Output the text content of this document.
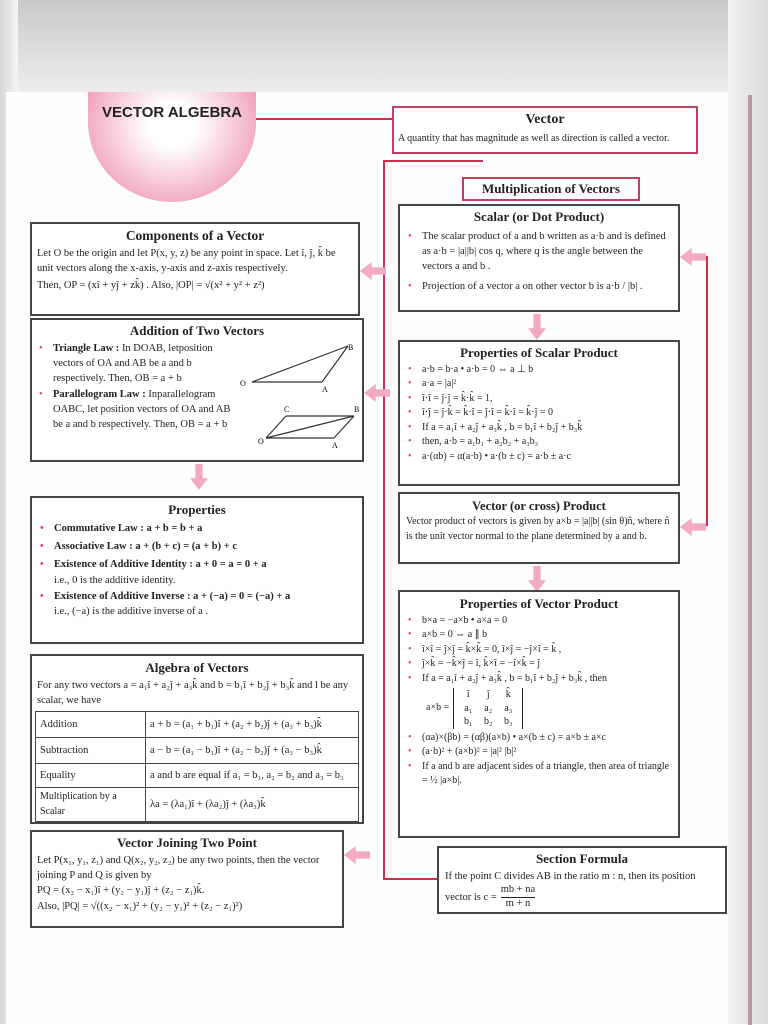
VECTOR ALGEBRA	Vector
A quantity that has magnitude as well as direction is called a vector.
Multiplication of Vectors
Scalar (or Dot Product)
• The scalar product of a and b written as a·b and is defined as a·b = |a||b| cos q, where q is the angle between the vectors a and b .
• Projection of a vector a on other vector b is a·b / |b| .
Components of a Vector
Let O be the origin and let P(x, y, z) be any point in space. Let î, ĵ, k̂ be unit vectors along the x-axis, y-axis and z-axis respectively.
Then, OP = (xî + yĵ + zk̂) . Also, |OP| = √(x² + y² + z²)
Addition of Two Vectors
• Triangle Law : In DOAB, letposition vectors of OA and AB be a and b respectively. Then, OB = a + b
• Parallelogram Law : Inparallelogram OABC, let position vectors of OA and AB be a and b respectively. Then, OB = a + b
O
A
B
O	A
C	B
Properties of Scalar Product
• a·b = b·a • a·b = 0 ⇔ a ⊥ b
• a·a = |a|²
• î·î = ĵ·ĵ = k̂·k̂ = 1,
• î·ĵ = ĵ·k̂ = k̂·î = ĵ·î = k̂·î = k̂·ĵ = 0
• If a = a₁î + a₂ĵ + a₃k̂ , b = b₁î + b₂ĵ + b₃k̂
• then, a·b = a₁b₁ + a₂b₂ + a₃b₃
• a·(αb) = α(a·b) • a·(b ± c) = a·b ± a·c
Properties
• Commutative Law : a + b = b + a
• Associative Law : a + (b + c) = (a + b) + c
• Existence of Additive Identity : a + 0 = a = 0 + a
i.e., 0 is the additive identity.
• Existence of Additive Inverse : a + (−a) = 0 = (−a) + a
i.e., (−a) is the additive inverse of a .
Vector (or cross) Product
Vector product of vectors is given by a×b = |a||b| (sin θ)n̂, where n̂ is the unit vector normal to the plane determined by a and b.
Algebra of Vectors
For any two vectors a = a₁î + a₂ĵ + a₃k̂ and b = b₁î + b₂ĵ + b₃k̂ and l be any scalar, we have
Addition	a + b = (a₁ + b₁)î + (a₂ + b₂)ĵ + (a₃ + b₃)k̂
Subtraction	a − b = (a₁ − b₁)î + (a₂ − b₂)ĵ + (a₃ − b₃)k̂
Equality	a and b are equal if a₁ = b₁, a₂ = b₂ and a₃ = b₃
Multiplication by a Scalar	λa = (λa₁)î + (λa₂)ĵ + (λa₃)k̂
Properties of Vector Product
• b×a = −a×b • a×a = 0
• a×b = 0 ⇔ a ∥ b
• î×î = ĵ×ĵ = k̂×k̂ = 0, î×ĵ = −ĵ×î = k̂ ,
• ĵ×k̂ = −k̂×ĵ = î, k̂×î = −î×k̂ = ĵ
• If a = a₁î + a₂ĵ + a₃k̂ , b = b₁î + b₂ĵ + b₃k̂ , then
a×b =
î	ĵ	k̂
a₁	a₂	a₃
b₁	b₂	b₃
• (αa)×(βb) = (αβ)(a×b) • a×(b ± c) = a×b ± a×c
• (a·b)² + (a×b)² = |a|² |b|²
• If a and b are adjacent sides of a triangle, then area of triangle = ½ |a×b|.
Vector Joining Two Point
Let P(x₁, y₁, z₁) and Q(x₂, y₂, z₂) be any two points, then the vector joining P and Q is given by
PQ = (x₂ − x₁)î + (y₂ − y₁)ĵ + (z₂ − z₁)k̂.
Also, |PQ| = √((x₂ − x₁)² + (y₂ − y₁)² + (z₂ − z₁)²)
Section Formula
If the point C divides AB in the ratio m : n, then its position
vector is $c = \frac{mb + na}{m + n}$
